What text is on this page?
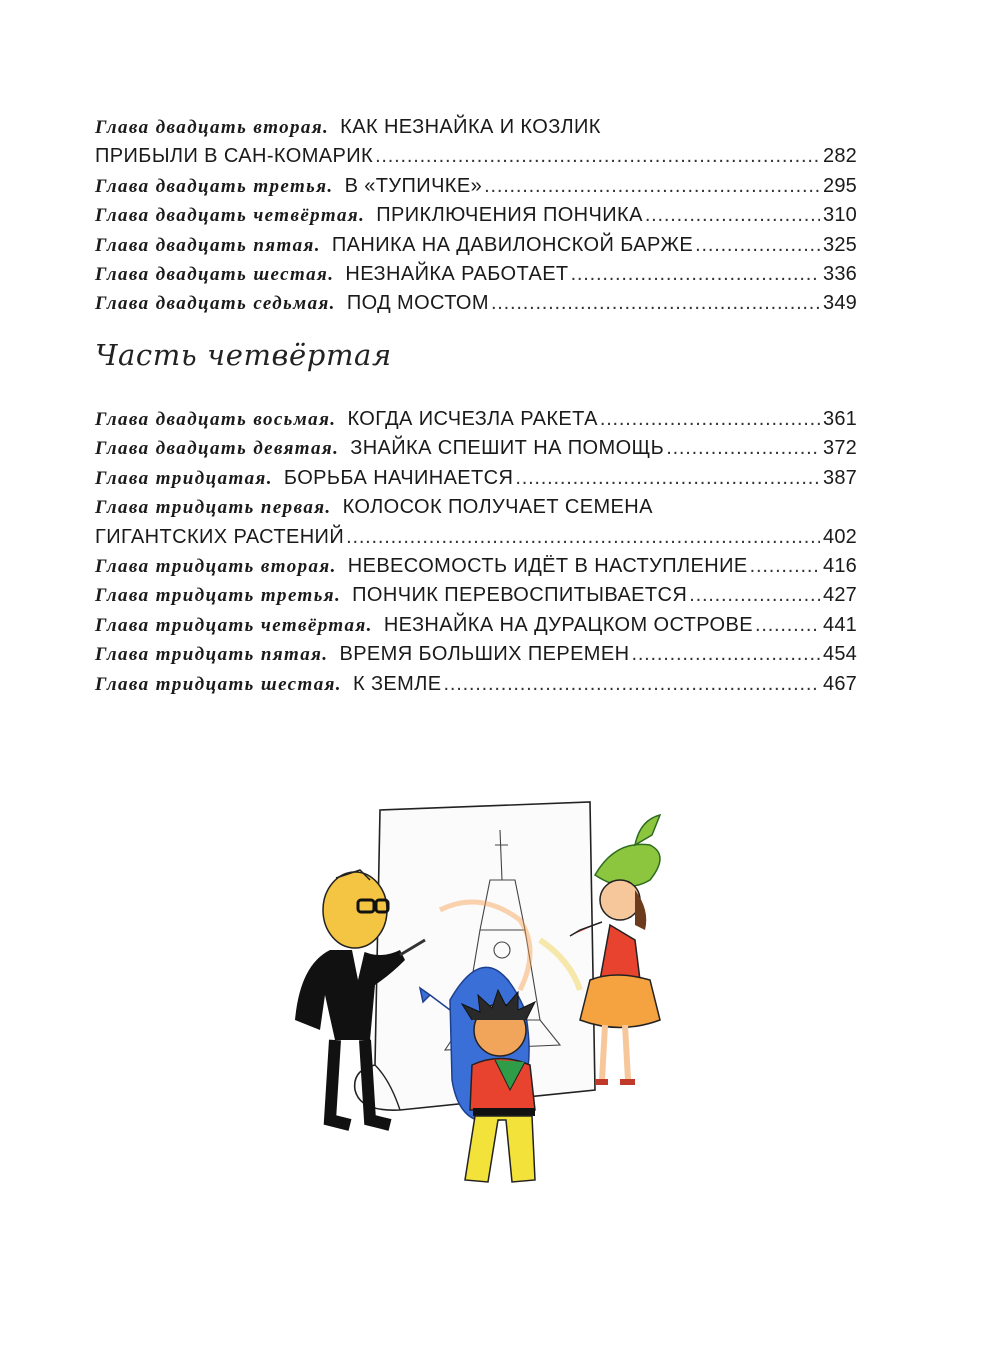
Глава двадцать вторая. КАК НЕЗНАЙКА И КОЗЛИК
ПРИБЫЛИ В САН-КОМАРИК .....	282
Глава двадцать третья. В «ТУПИЧКЕ» .....	295
Глава двадцать четвёртая. ПРИКЛЮЧЕНИЯ ПОНЧИКА .....	310
Глава двадцать пятая. ПАНИКА НА ДАВИЛОНСКОЙ БАРЖЕ .....	325
Глава двадцать шестая. НЕЗНАЙКА РАБОТАЕТ .....	336
Глава двадцать седьмая. ПОД МОСТОМ .....	349
Часть четвёртая
Глава двадцать восьмая. КОГДА ИСЧЕЗЛА РАКЕТА .....	361
Глава двадцать девятая. ЗНАЙКА СПЕШИТ НА ПОМОЩЬ .....	372
Глава тридцатая. БОРЬБА НАЧИНАЕТСЯ .....	387
Глава тридцать первая. КОЛОСОК ПОЛУЧАЕТ СЕМЕНА
ГИГАНТСКИХ РАСТЕНИЙ .....	402
Глава тридцать вторая. НЕВЕСОМОСТЬ ИДЁТ В НАСТУПЛЕНИЕ .....	416
Глава тридцать третья. ПОНЧИК ПЕРЕВОСПИТЫВАЕТСЯ .....	427
Глава тридцать четвёртая. НЕЗНАЙКА НА ДУРАЦКОМ ОСТРОВЕ .....	441
Глава тридцать пятая. ВРЕМЯ БОЛЬШИХ ПЕРЕМЕН .....	454
Глава тридцать шестая. К ЗЕМЛЕ .....	467
